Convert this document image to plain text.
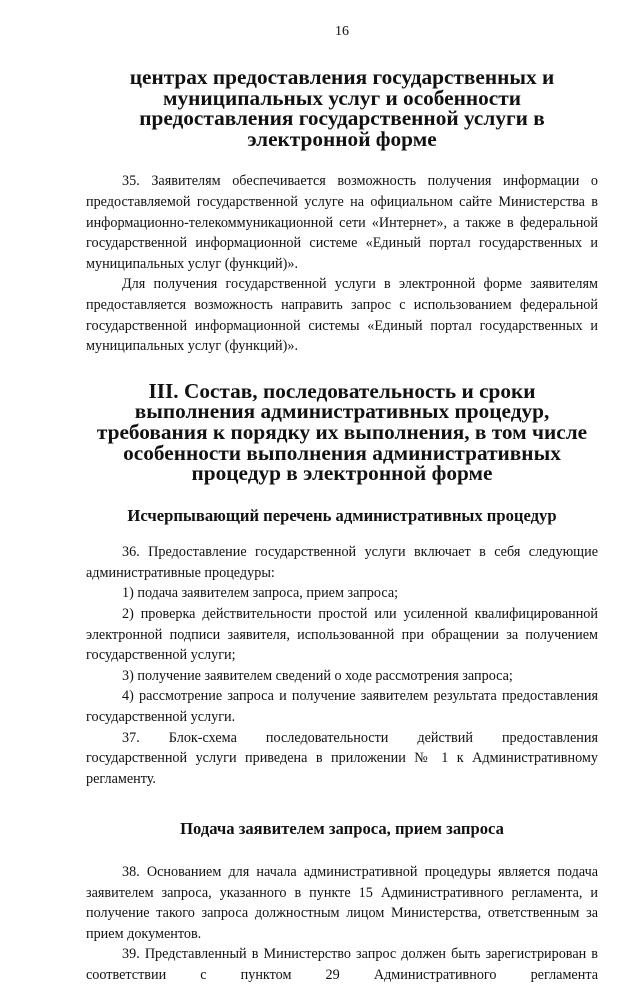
16
центрах предоставления государственных и муниципальных услуг и особенности предоставления государственной услуги в электронной форме

35. Заявителям обеспечивается возможность получения информации о предоставляемой государственной услуге на официальном сайте Министерства в информационно-телекоммуникационной сети «Интернет», а также в федеральной государственной информационной системе «Единый портал государственных и муниципальных услуг (функций)».

Для получения государственной услуги в электронной форме заявителям предоставляется возможность направить запрос с использованием федеральной государственной информационной системы «Единый портал государственных и муниципальных услуг (функций)».

III. Состав, последовательность и сроки выполнения административных процедур, требования к порядку их выполнения, в том числе особенности выполнения административных процедур в электронной форме
Исчерпывающий перечень административных процедур

36. Предоставление государственной услуги включает в себя следующие административные процедуры:

1) подача заявителем запроса, прием запроса;

2) проверка действительности простой или усиленной квалифицированной электронной подписи заявителя, использованной при обращении за получением государственной услуги;

3) получение заявителем сведений о ходе рассмотрения запроса;

4) рассмотрение запроса и получение заявителем результата предоставления государственной услуги.

37. Блок-схема последовательности действий предоставления государственной услуги приведена в приложении № 1 к Административному регламенту.

Подача заявителем запроса, прием запроса

38. Основанием для начала административной процедуры является подача заявителем запроса, указанного в пункте 15 Административного регламента, и получение такого запроса должностным лицом Министерства, ответственным за прием документов.

39. Представленный в Министерство запрос должен быть зарегистрирован в соответствии с пунктом 29 Административного регламента
